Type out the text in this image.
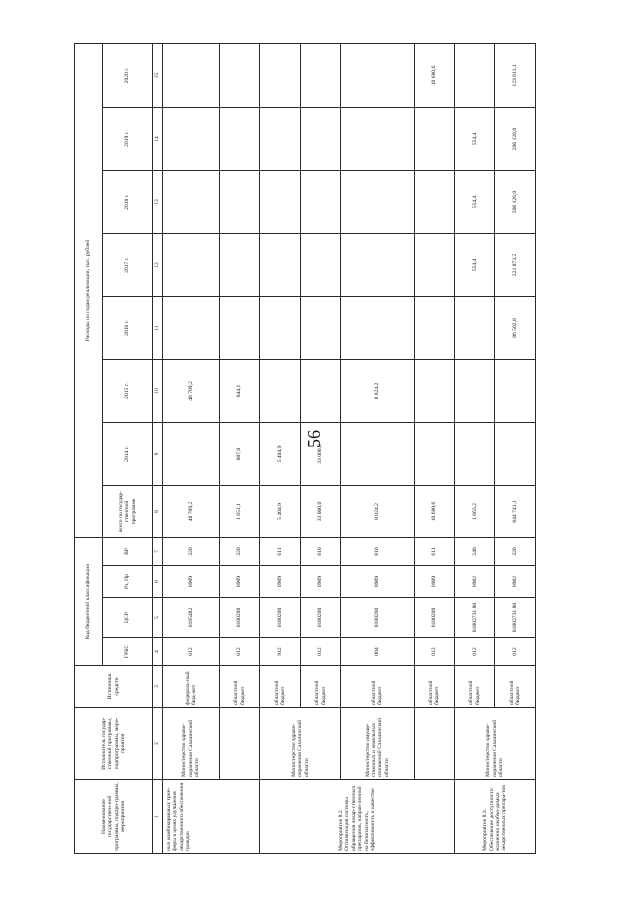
56
Наименование государствен-ной программы, подпро-граммы, мероприятия	Исполнитель государ-ственной программы, подпрограммы, меро-приятия	Источники средств	Код бюджетной классификации				Расходы по годам реализации, тыс. рублей							
			ГРБС	ЦСР	Рз, Пр	ВР	всего по государ-ственной программе	2014 г.	2015 г.	2016 г.	2017 г.	2018 г.	2019 г.	2020 г.
1	2	3	4	5	6	7	8	9	10	11	12	13	14	15
ных комбикормовых трин-форы в целях улучшения лекарственного обеспечения граждан	Министерство здраво-охранения Сахалинской области	федераль-ный бюд-жет	012	0185482	0909	320	48 709,2		48 709,2					
		областной бюджет	012	0180200	0909	320	1 651,1	807,0	844,1					
Мероприятие 8.2. Оптимизация системы обращения лекар-ственных препаратов, направ-ленной на безопасность, эффективность и качество	Министерство здраво-охранения Сахалинской области	областной бюджет	912	0180200	0909	611	5 404,9	5 404,9						
		областной бюджет	012	0180200	0909	810	33 000,0	33 000,0						
	Министерство имуще-ственных и земельных отношений Сахалинской области	областной бюджет	004	0180200	0909	810	8 024,2		8 024,2					
		областной бюджет	012	0180200	0909	611	10 680,6							10 680,6
Мероприятие 8.3. Обеспечение доступности жизненно необхо-димых лекарственных препара-тов	Министерство здраво-охранения Сахалинской области	областной бюджет	012	01802731 80	0902	240	1 663,2				554,4	554,4	554,4	
		областной бюджет	012	01802731 80	0902	320	844 741,1			86 502,8	222 873,2	206 126,0	206 126,0	123 611,1
